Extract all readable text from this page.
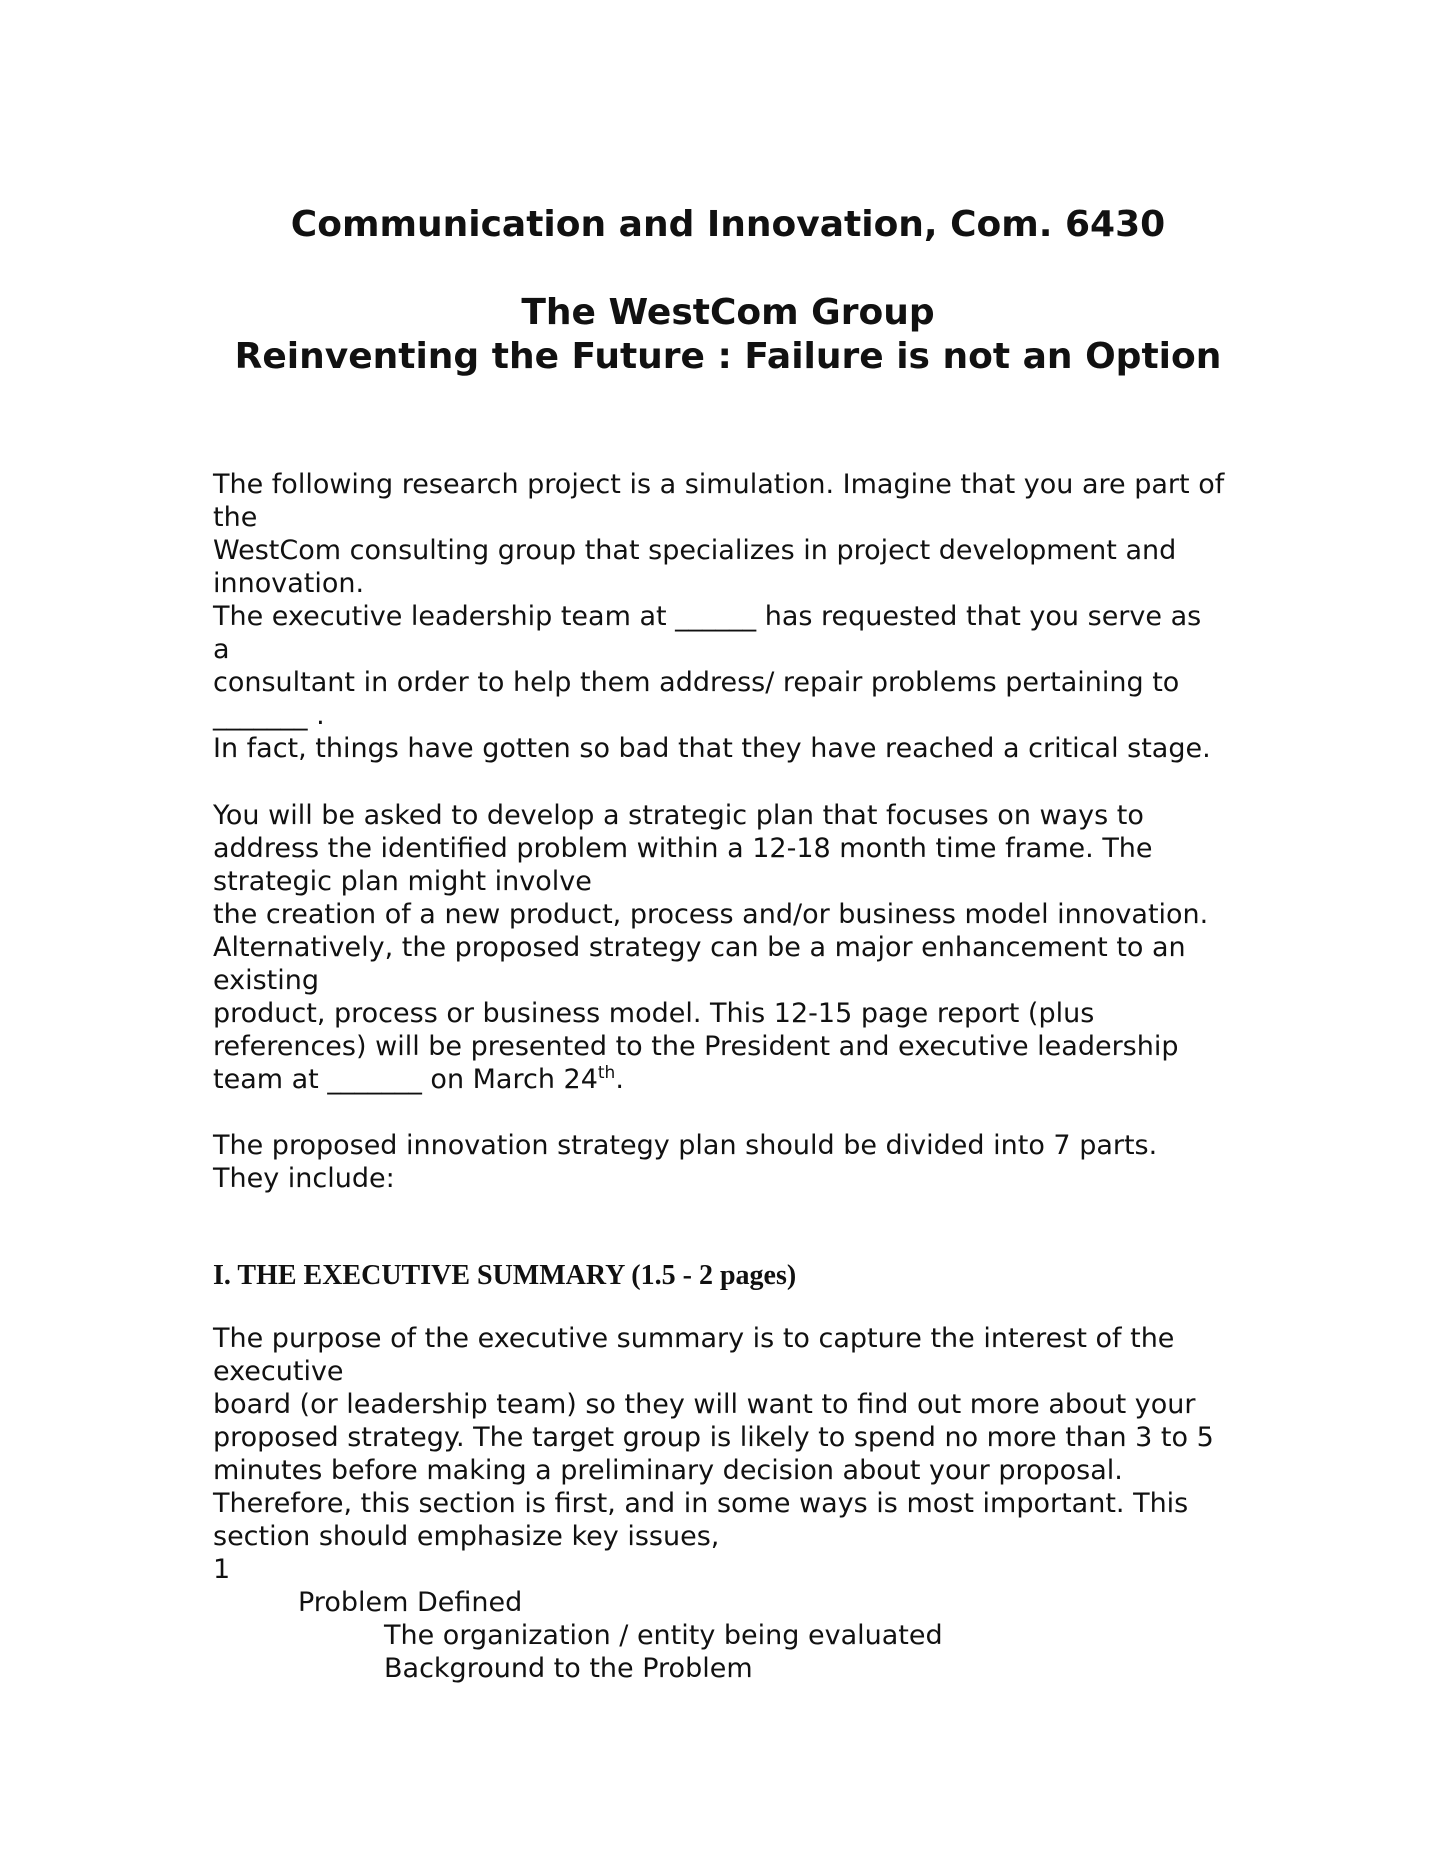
Communication and Innovation, Com. 6430
The WestCom Group
Reinventing the Future : Failure is not an Option
The following research project is a simulation. Imagine that you are part of
the
WestCom consulting group that specializes in project development and
innovation.
The executive leadership team at ______ has requested that you serve as
a
consultant in order to help them address/ repair problems pertaining to
_______ .
In fact, things have gotten so bad that they have reached a critical stage.
You will be asked to develop a strategic plan that focuses on ways to
address the identified problem within a 12-18 month time frame. The
strategic plan might involve
the creation of a new product, process and/or business model innovation.
Alternatively, the proposed strategy can be a major enhancement to an
existing
product, process or business model. This 12-15 page report (plus
references) will be presented to the President and executive leadership
team at _______ on March 24th.
The proposed innovation strategy plan should be divided into 7 parts.
They include:
I. THE EXECUTIVE SUMMARY (1.5 - 2 pages)
The purpose of the executive summary is to capture the interest of the
executive
board (or leadership team) so they will want to find out more about your
proposed strategy. The target group is likely to spend no more than 3 to 5
minutes before making a preliminary decision about your proposal.
Therefore, this section is first, and in some ways is most important. This
section should emphasize key issues,
1
Problem Defined
The organization / entity being evaluated
Background to the Problem
